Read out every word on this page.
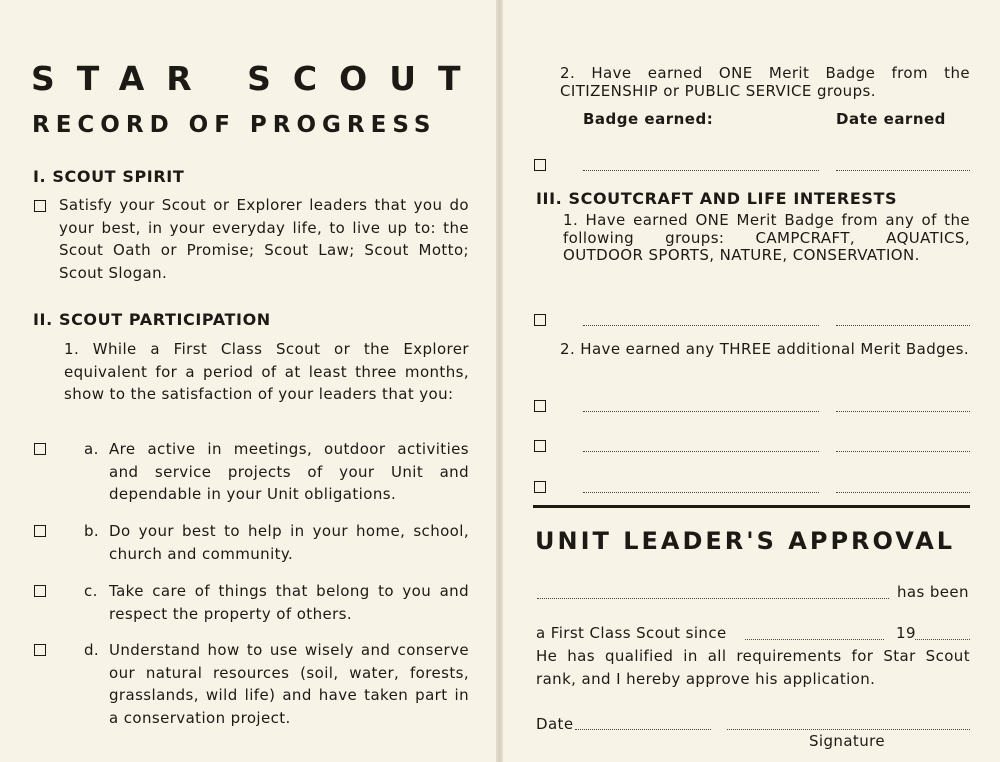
STAR SCOUT
RECORD OF PROGRESS
I. SCOUT SPIRIT
Satisfy your Scout or Explorer leaders that you do your best, in your everyday life, to live up to: the Scout Oath or Promise; Scout Law; Scout Motto; Scout Slogan.
II. SCOUT PARTICIPATION
1. While a First Class Scout or the Explorer equivalent for a period of at least three months, show to the satisfaction of your leaders that you:
a. Are active in meetings, outdoor activities and service projects of your Unit and dependable in your Unit obligations.
b. Do your best to help in your home, school, church and community.
c. Take care of things that belong to you and respect the property of others.
d. Understand how to use wisely and conserve our natural resources (soil, water, forests, grasslands, wild life) and have taken part in a conservation project.
2. Have earned ONE Merit Badge from the CITIZENSHIP or PUBLIC SERVICE groups.
Badge earned:	Date earned
III. SCOUTCRAFT AND LIFE INTERESTS
1. Have earned ONE Merit Badge from any of the following groups: CAMPCRAFT, AQUATICS, OUTDOOR SPORTS, NATURE, CONSERVATION.
2. Have earned any THREE additional Merit Badges.
UNIT LEADER'S APPROVAL
has been
a First Class Scout since	19
He has qualified in all requirements for Star Scout rank, and I hereby approve his application.
Date
Signature
